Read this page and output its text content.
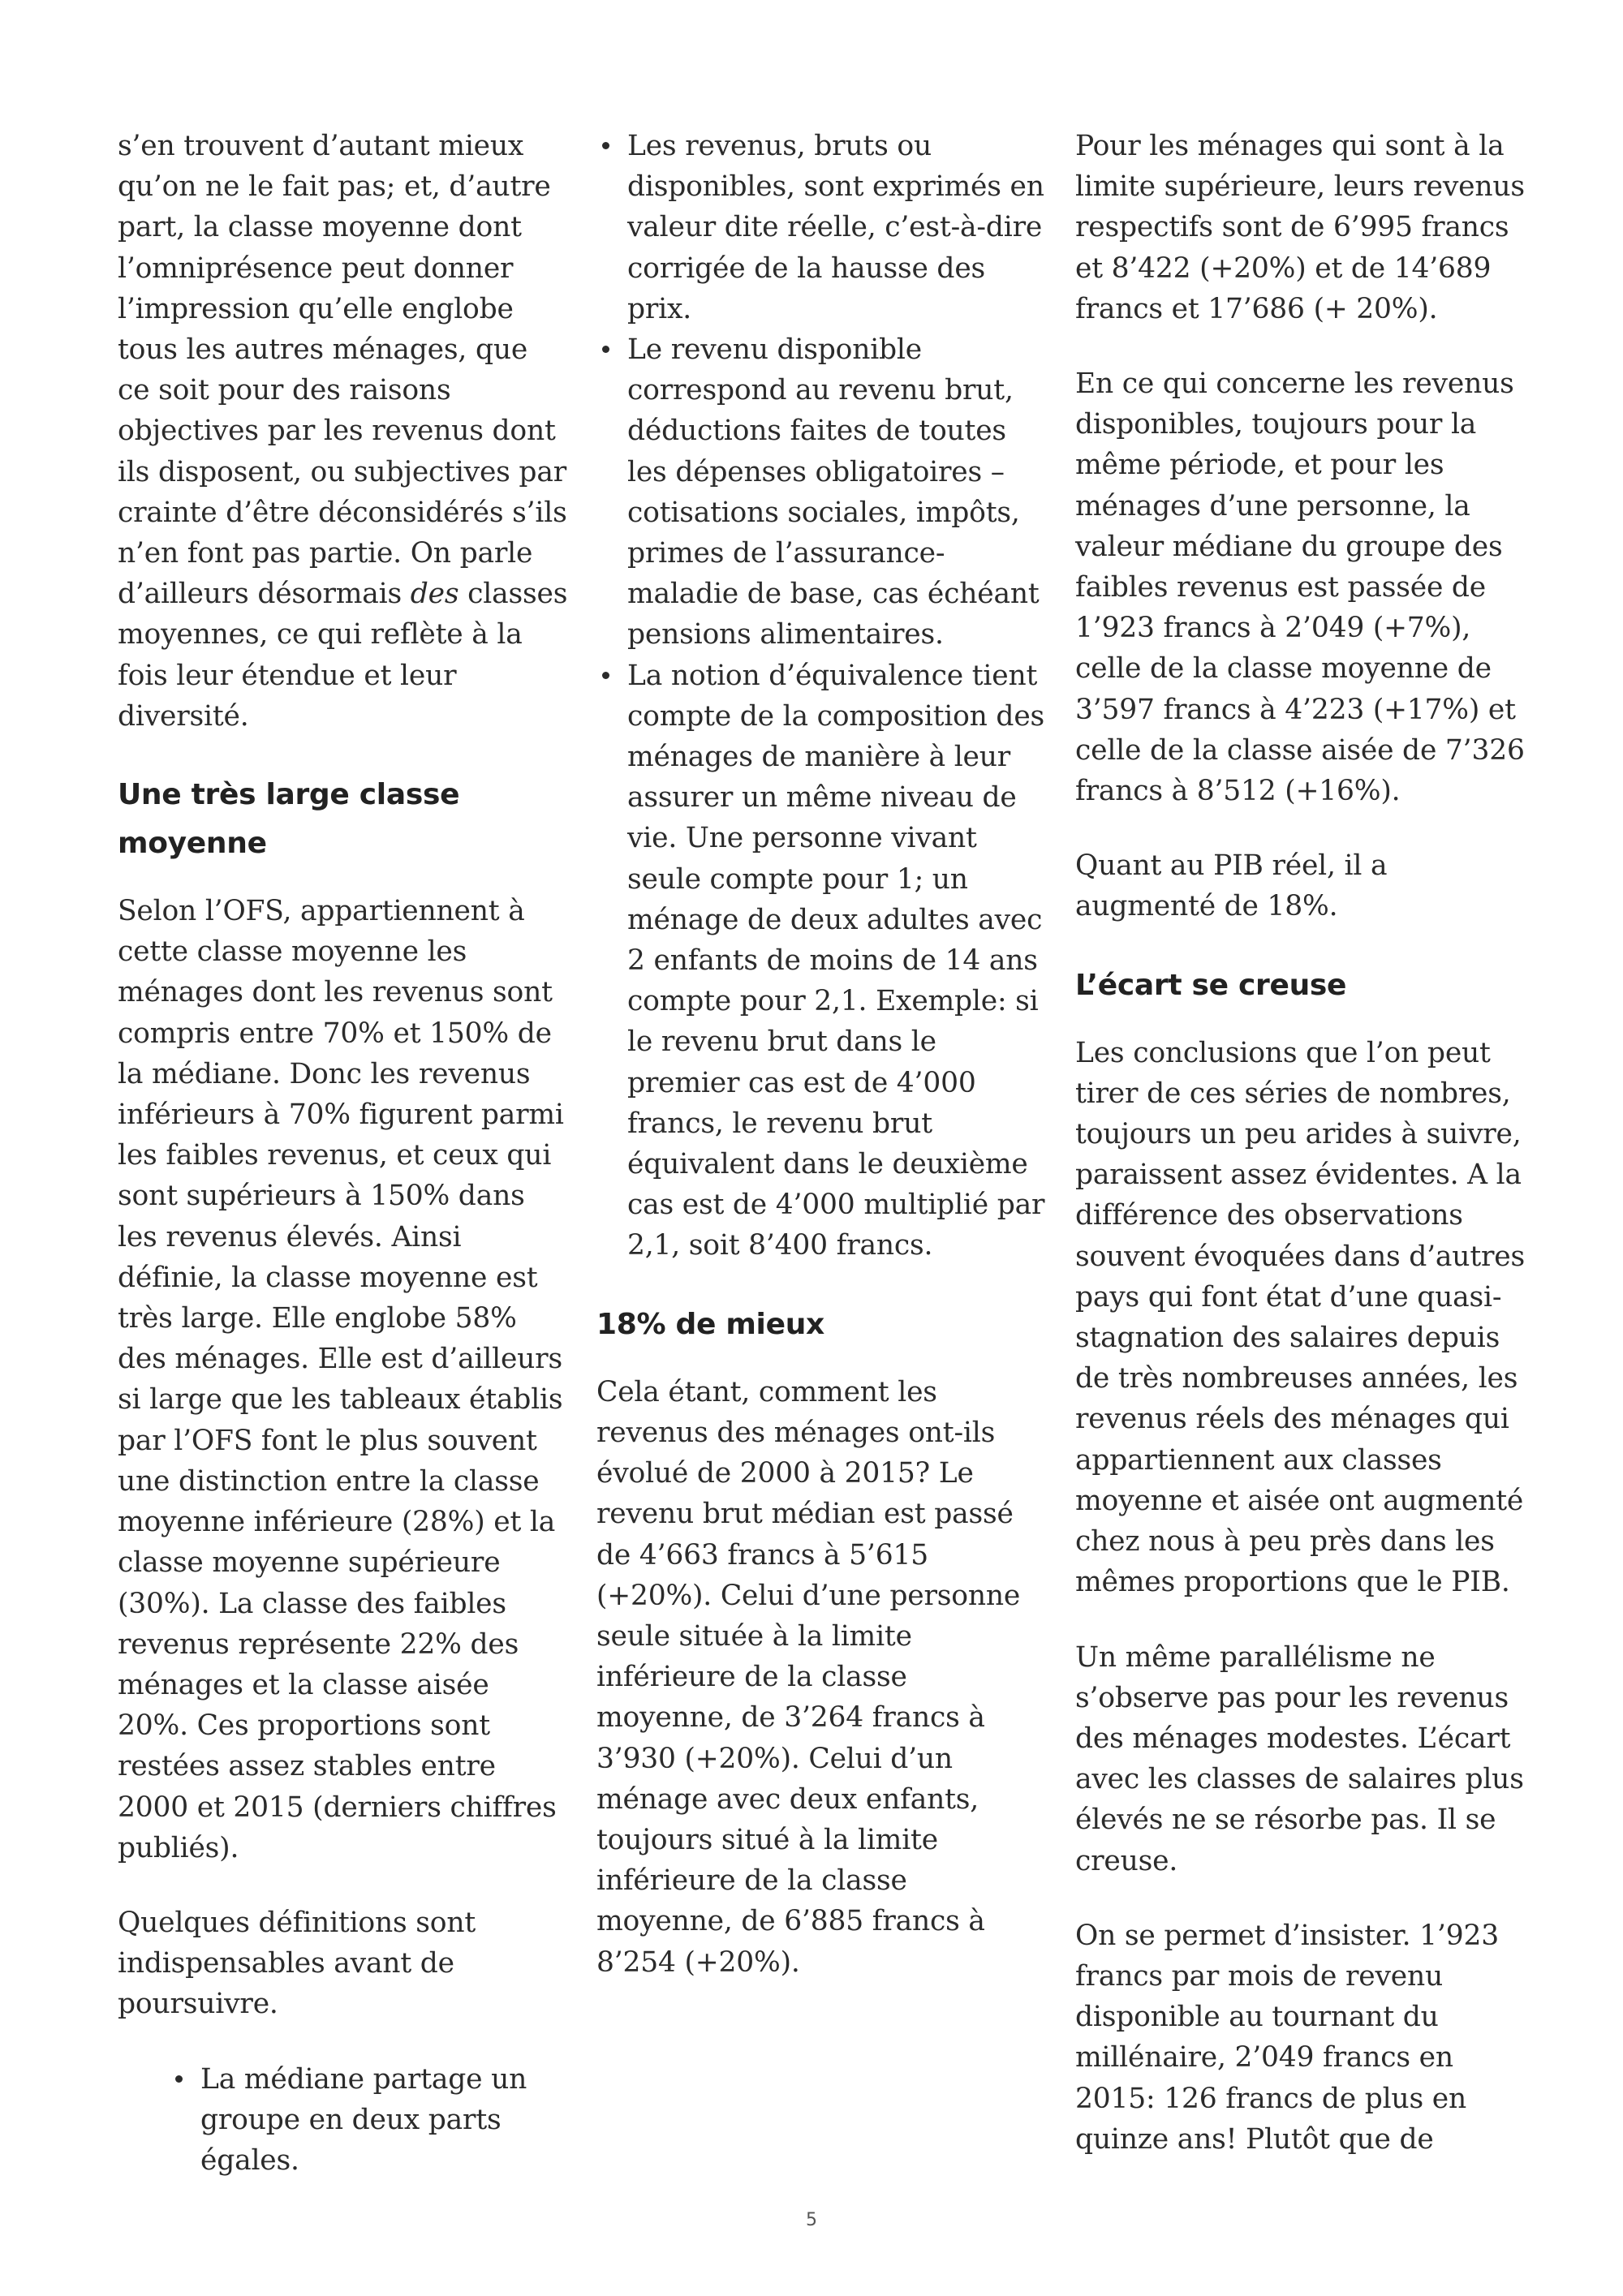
s’en trouvent d’autant mieux qu’on ne le fait pas; et, d’autre part, la classe moyenne dont l’omniprésence peut donner l’impression qu’elle englobe tous les autres ménages, que ce soit pour des raisons objectives par les revenus dont ils disposent, ou subjectives par crainte d’être déconsidérés s’ils n’en font pas partie. On parle d’ailleurs désormais des classes moyennes, ce qui reflète à la fois leur étendue et leur diversité.

Une très large classe moyenne

Selon l’OFS, appartiennent à cette classe moyenne les ménages dont les revenus sont compris entre 70% et 150% de la médiane. Donc les revenus inférieurs à 70% figurent parmi les faibles revenus, et ceux qui sont supérieurs à 150% dans les revenus élevés. Ainsi définie, la classe moyenne est très large. Elle englobe 58% des ménages. Elle est d’ailleurs si large que les tableaux établis par l’OFS font le plus souvent une distinction entre la classe moyenne inférieure (28%) et la classe moyenne supérieure (30%). La classe des faibles revenus représente 22% des ménages et la classe aisée 20%. Ces proportions sont restées assez stables entre 2000 et 2015 (derniers chiffres publiés).

Quelques définitions sont indispensables avant de poursuivre.

La médiane partage un groupe en deux parts égales.
Les revenus, bruts ou disponibles, sont exprimés en valeur dite réelle, c’est-à-dire corrigée de la hausse des prix.
Le revenu disponible correspond au revenu brut, déductions faites de toutes les dépenses obligatoires – cotisations sociales, impôts, primes de l’assurance-maladie de base, cas échéant pensions alimentaires.
La notion d’équivalence tient compte de la composition des ménages de manière à leur assurer un même niveau de vie. Une personne vivant seule compte pour 1; un ménage de deux adultes avec 2 enfants de moins de 14 ans compte pour 2,1. Exemple: si le revenu brut dans le premier cas est de 4’000 francs, le revenu brut équivalent dans le deuxième cas est de 4’000 multiplié par 2,1, soit 8’400 francs.
18% de mieux

Cela étant, comment les revenus des ménages ont-ils évolué de 2000 à 2015? Le revenu brut médian est passé de 4’663 francs à 5’615 (+20%). Celui d’une personne seule située à la limite inférieure de la classe moyenne, de 3’264 francs à 3’930 (+20%). Celui d’un ménage avec deux enfants, toujours situé à la limite inférieure de la classe moyenne, de 6’885 francs à 8’254 (+20%).

Pour les ménages qui sont à la limite supérieure, leurs revenus respectifs sont de 6’995 francs et 8’422 (+20%) et de 14’689 francs et 17’686 (+ 20%).

En ce qui concerne les revenus disponibles, toujours pour la même période, et pour les ménages d’une personne, la valeur médiane du groupe des faibles revenus est passée de 1’923 francs à 2’049 (+7%), celle de la classe moyenne de 3’597 francs à 4’223 (+17%) et celle de la classe aisée de 7’326 francs à 8’512 (+16%).

Quant au PIB réel, il a augmenté de 18%.

L’écart se creuse

Les conclusions que l’on peut tirer de ces séries de nombres, toujours un peu arides à suivre, paraissent assez évidentes. A la différence des observations souvent évoquées dans d’autres pays qui font état d’une quasi-stagnation des salaires depuis de très nombreuses années, les revenus réels des ménages qui appartiennent aux classes moyenne et aisée ont augmenté chez nous à peu près dans les mêmes proportions que le PIB.

Un même parallélisme ne s’observe pas pour les revenus des ménages modestes. L’écart avec les classes de salaires plus élevés ne se résorbe pas. Il se creuse.

On se permet d’insister. 1’923 francs par mois de revenu disponible au tournant du millénaire, 2’049 francs en 2015: 126 francs de plus en quinze ans! Plutôt que de

5
